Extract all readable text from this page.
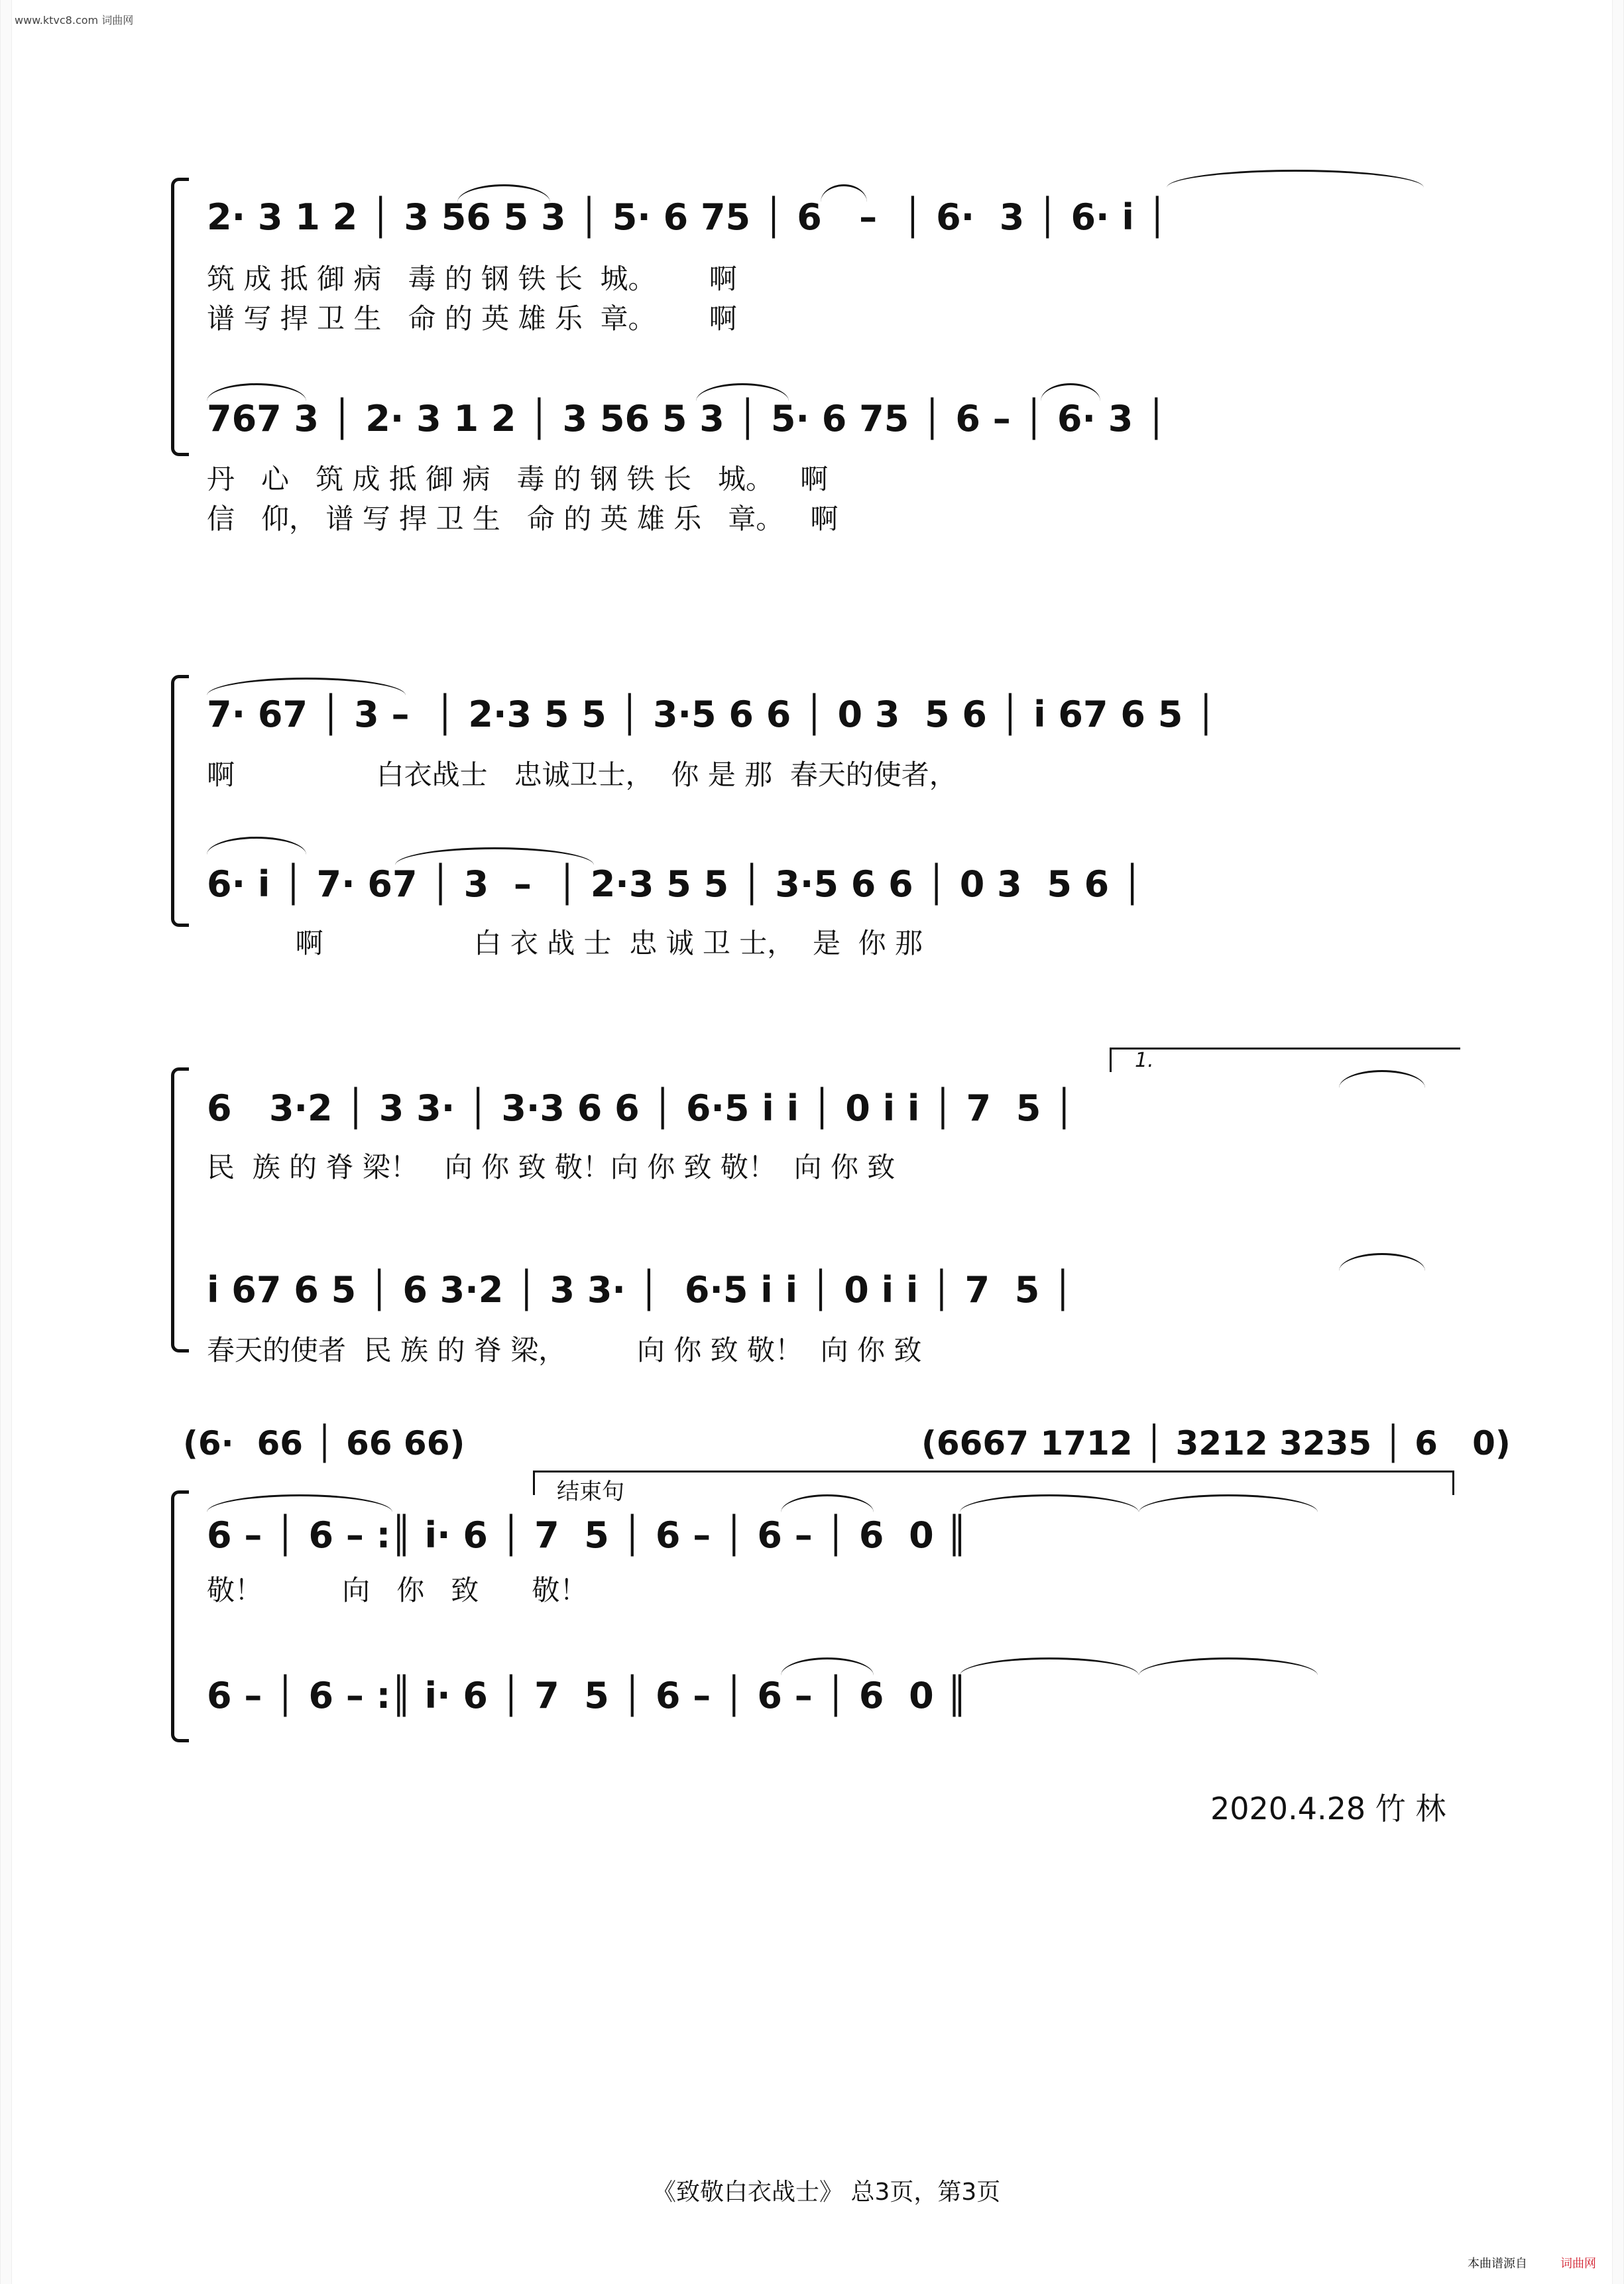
www.ktvc8.com 词曲网
2· 3 1 2 │ 3 56 5 3 │ 5· 6 75 │ 6   –  │ 6·  3 │ 6· i │
筑 成 抵 御 病   毒 的 钢 铁 长  城。      啊
谱 写 捍 卫 生   命 的 英 雄 乐  章。      啊
767 3 │ 2· 3 1 2 │ 3 56 5 3 │ 5· 6 75 │ 6 – │ 6· 3 │
丹   心   筑 成 抵 御 病   毒 的 钢 铁 长   城。   啊
信   仰， 谱 写 捍 卫 生   命 的 英 雄 乐   章。   啊
7· 67 │ 3 –  │ 2·3 5 5 │ 3·5 6 6 │ 0 3  5 6 │ i 67 6 5 │
啊                白衣战士   忠诚卫士，  你 是 那  春天的使者，
6· i │ 7· 67 │ 3  –  │ 2·3 5 5 │ 3·5 6 6 │ 0 3  5 6 │
啊                 白 衣 战 士  忠 诚 卫 士，  是  你 那
1.
6   3·2 │ 3 3· │ 3·3 6 6 │ 6·5 i i │ 0 i i │ 7  5 │
民  族 的 脊 梁！   向 你 致 敬！向 你 致 敬！  向 你 致
i 67 6 5 │ 6 3·2 │ 3 3· │  6·5 i i │ 0 i i │ 7  5 │
春天的使者  民 族 的 脊 梁，        向 你 致 敬！  向 你 致
(6·  66 │ 66 66)	(6667 1712 │ 3212 3235 │ 6   0)
结束句
6 – │ 6 – :║ i· 6 │ 7  5 │ 6 – │ 6 – │ 6  0 ║
敬！         向   你   致      敬！
6 – │ 6 – :║ i· 6 │ 7  5 │ 6 – │ 6 – │ 6  0 ║
2020.4.28 竹 林
《致敬白衣战士》 总3页，第3页
本曲谱源自	词曲网
